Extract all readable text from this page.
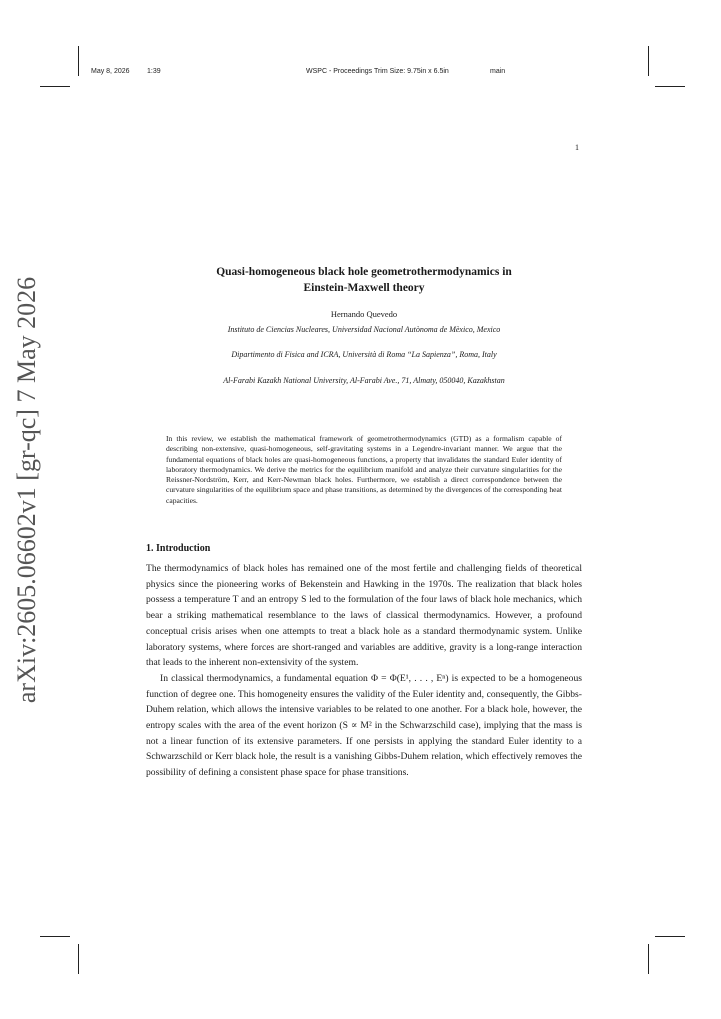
May 8, 2026 1:39	WSPC - Proceedings Trim Size: 9.75in x 6.5in	main
1
arXiv:2605.06602v1 [gr-qc] 7 May 2026
Quasi-homogeneous black hole geometrothermodynamics in
Einstein-Maxwell theory
Hernando Quevedo
Instituto de Ciencias Nucleares, Universidad Nacional Autònoma de Mèxico, Mexico
Dipartimento di Fisica and ICRA, Università di Roma “La Sapienza”, Roma, Italy
Al-Farabi Kazakh National University, Al-Farabi Ave., 71, Almaty, 050040, Kazakhstan
In this review, we establish the mathematical framework of geometrothermodynamics (GTD) as a formalism capable of describing non-extensive, quasi-homogeneous, self-gravitating systems in a Legendre-invariant manner. We argue that the fundamental equations of black holes are quasi-homogeneous functions, a property that invalidates the standard Euler identity of laboratory thermodynamics. We derive the metrics for the equilibrium manifold and analyze their curvature singularities for the Reissner-Nordström, Kerr, and Kerr-Newman black holes. Furthermore, we establish a direct correspondence between the curvature singularities of the equilibrium space and phase transitions, as determined by the divergences of the corresponding heat capacities.
1. Introduction

The thermodynamics of black holes has remained one of the most fertile and challenging fields of theoretical physics since the pioneering works of Bekenstein and Hawking in the 1970s. The realization that black holes possess a temperature T and an entropy S led to the formulation of the four laws of black hole mechanics, which bear a striking mathematical resemblance to the laws of classical thermodynamics. However, a profound conceptual crisis arises when one attempts to treat a black hole as a standard thermodynamic system. Unlike laboratory systems, where forces are short-ranged and variables are additive, gravity is a long-range interaction that leads to the inherent non-extensivity of the system.

In classical thermodynamics, a fundamental equation Φ = Φ(E¹, . . . , Eⁿ) is expected to be a homogeneous function of degree one. This homogeneity ensures the validity of the Euler identity and, consequently, the Gibbs-Duhem relation, which allows the intensive variables to be related to one another. For a black hole, however, the entropy scales with the area of the event horizon (S ∝ M² in the Schwarzschild case), implying that the mass is not a linear function of its extensive parameters. If one persists in applying the standard Euler identity to a Schwarzschild or Kerr black hole, the result is a vanishing Gibbs-Duhem relation, which effectively removes the possibility of defining a consistent phase space for phase transitions.
